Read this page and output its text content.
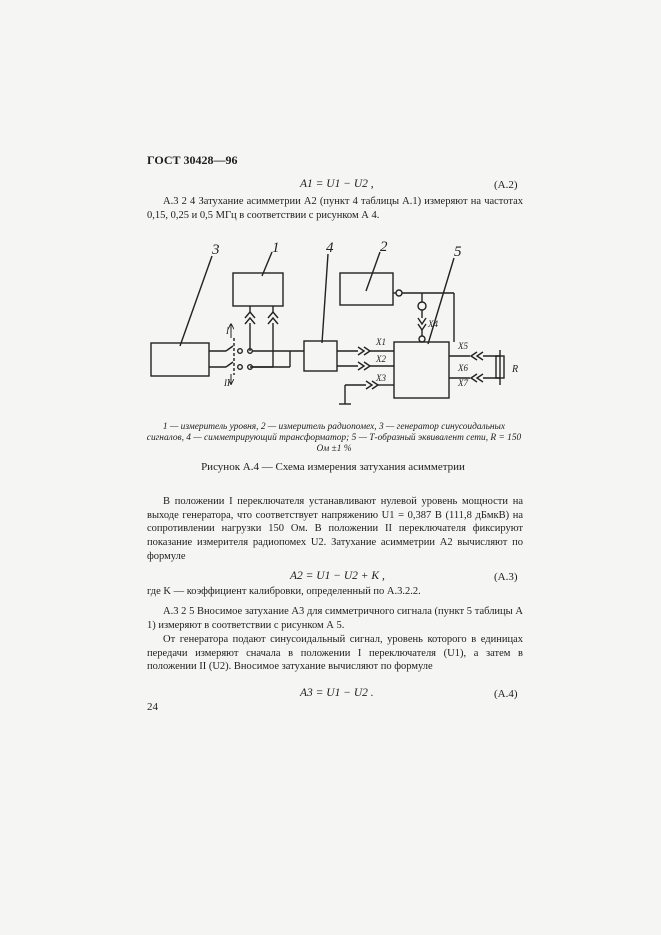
ГОСТ 30428—96
A1 = U1 − U2 ,	(А.2)
А.3 2 4 Затухание асимметрии A2 (пункт 4 таблицы А.1) измеряют на частотах 0,15, 0,25 и 0,5 МГц в соответствии с рисунком А 4.
3	1	4	2	5
I
II
X1
X2
X3
X4
X5
X6
X7
R
1 — измеритель уровня, 2 — измеритель радиопомех, 3 — генератор синусоидальных сигналов, 4 — симметрирующий трансформатор; 5 — Т-образный эквивалент сети, R = 150 Ом ±1 %
Рисунок А.4 — Схема измерения затухания асимметрии
В положении I переключателя устанавливают нулевой уровень мощности на выходе генератора, что соответствует напряжению U1 = 0,387 В (111,8 дБмкВ) на сопротивлении нагрузки 150 Ом. В положении II переключателя фиксируют показание измерителя радиопомех U2. Затухание асимметрии A2 вычисляют по формуле
A2 = U1 − U2 + K ,	(А.3)
где K — коэффициент калибровки, определенный по А.3.2.2.
А.3 2 5 Вносимое затухание A3 для симметричного сигнала (пункт 5 таблицы А 1) измеряют в соответствии с рисунком А 5.
От генератора подают синусоидальный сигнал, уровень которого в единицах передачи измеряют сначала в положении I переключателя (U1), а затем в положении II (U2). Вносимое затухание вычисляют по формуле
A3 = U1 − U2 .	(А.4)
24
